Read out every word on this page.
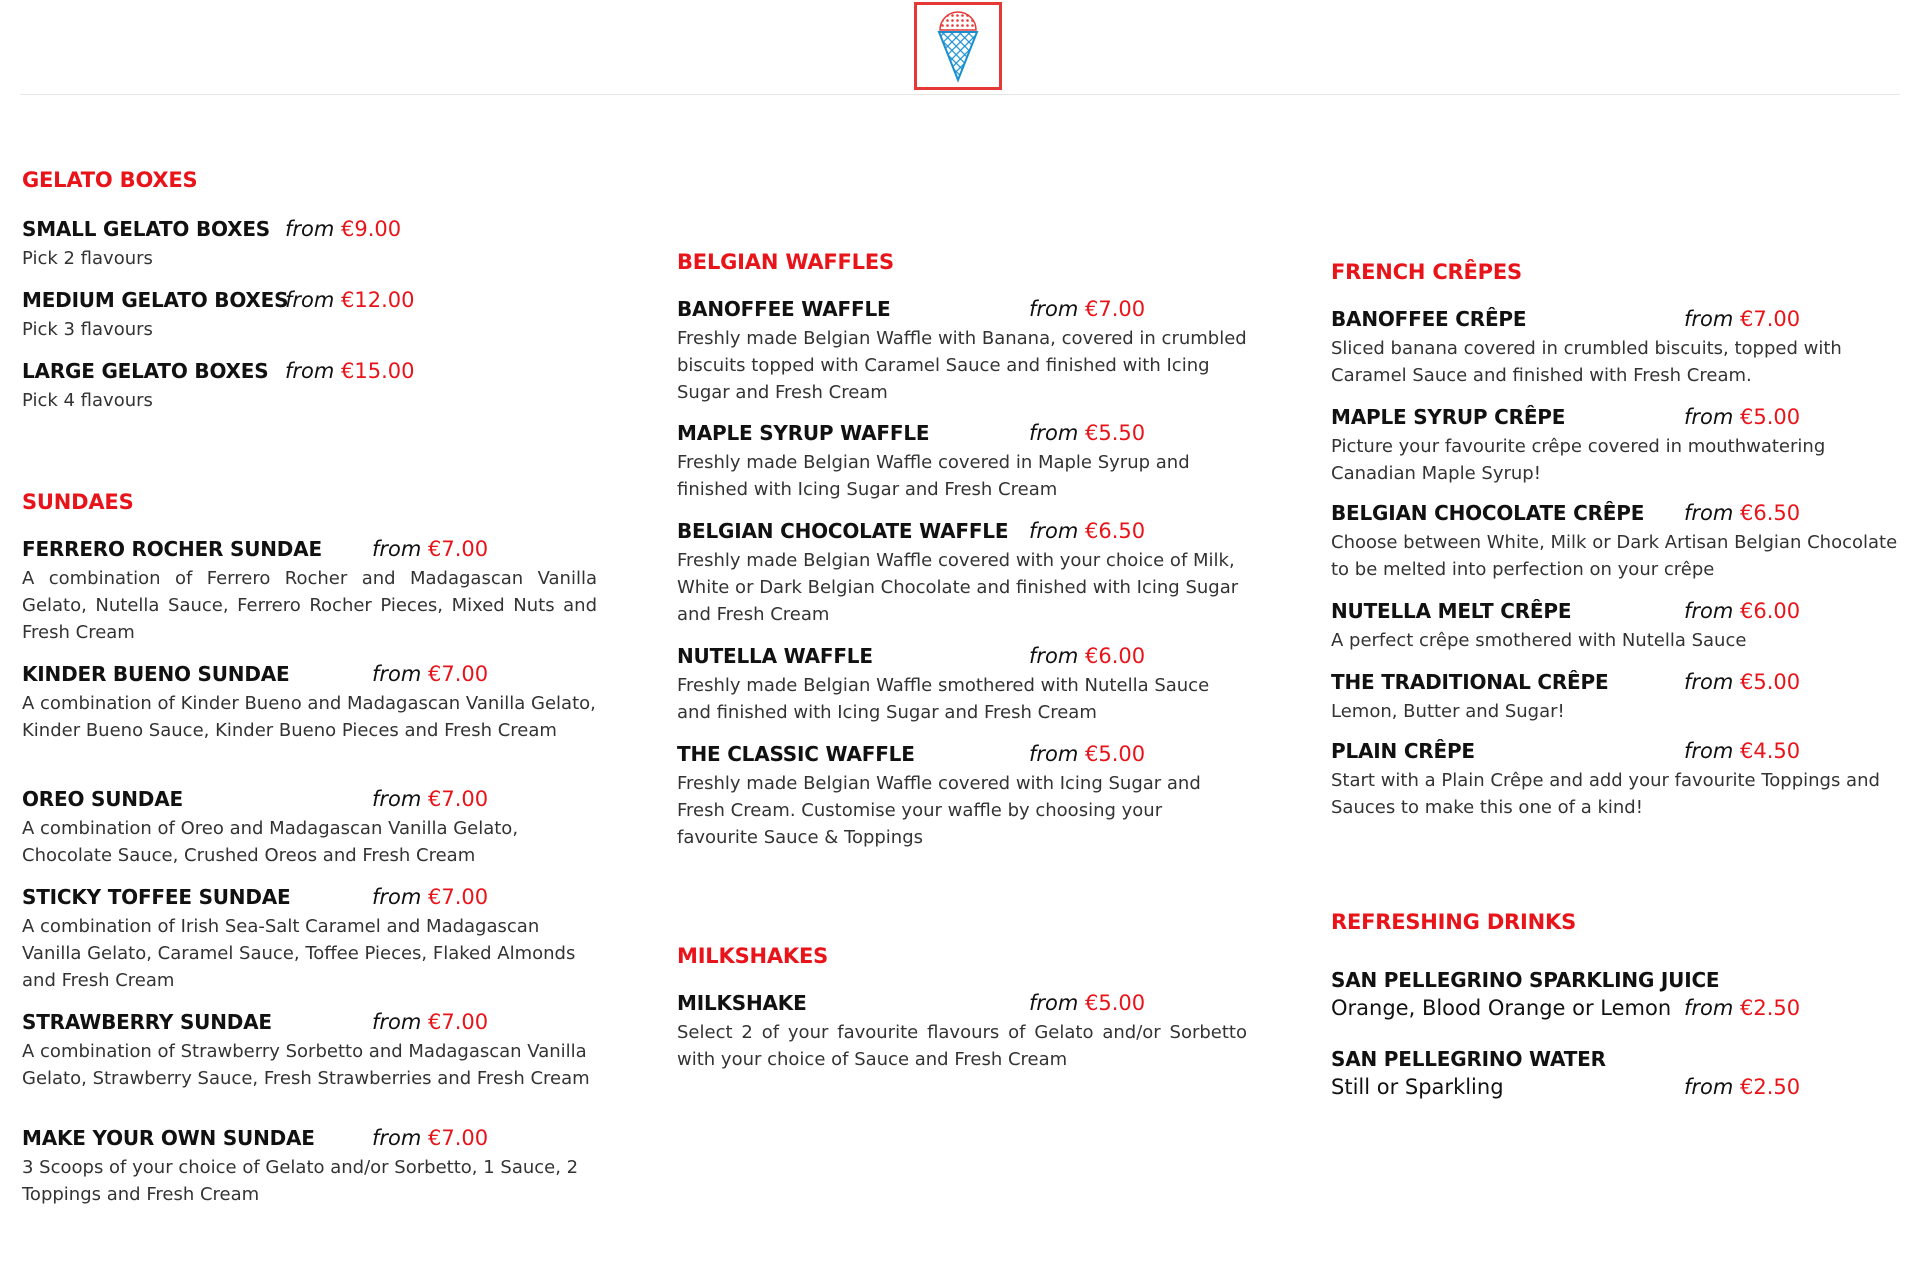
GELATO BOXES
SMALL GELATO BOXES from €9.00
Pick 2 flavours
MEDIUM GELATO BOXES
from €12.00
Pick 3 flavours
LARGE GELATO BOXES from €15.00
Pick 4 flavours
SUNDAES
FERRERO ROCHER SUNDAE from €7.00
A combination of Ferrero Rocher and Madagascan Vanilla Gelato, Nutella Sauce, Ferrero Rocher Pieces, Mixed Nuts and Fresh Cream
KINDER BUENO SUNDAE	from €7.00
A combination of Kinder Bueno and Madagascan Vanilla Gelato, Kinder Bueno Sauce, Kinder Bueno Pieces and Fresh Cream
OREO SUNDAE	from €7.00
A combination of Oreo and Madagascan Vanilla Gelato, Chocolate Sauce, Crushed Oreos and Fresh Cream
STICKY TOFFEE SUNDAE	from €7.00
A combination of Irish Sea-Salt Caramel and Madagascan Vanilla Gelato, Caramel Sauce, Toffee Pieces, Flaked Almonds and Fresh Cream
STRAWBERRY SUNDAE	from €7.00
A combination of Strawberry Sorbetto and Madagascan Vanilla Gelato, Strawberry Sauce, Fresh Strawberries and Fresh Cream
MAKE YOUR OWN SUNDAE	from €7.00
3 Scoops of your choice of Gelato and/or Sorbetto, 1 Sauce, 2 Toppings and Fresh Cream
BELGIAN WAFFLES
BANOFFEE WAFFLE	from €7.00
Freshly made Belgian Waffle with Banana, covered in crumbled biscuits topped with Caramel Sauce and finished with Icing Sugar and Fresh Cream
MAPLE SYRUP WAFFLE	from €5.50
Freshly made Belgian Waffle covered in Maple Syrup and finished with Icing Sugar and Fresh Cream
BELGIAN CHOCOLATE WAFFLE from €6.50
Freshly made Belgian Waffle covered with your choice of Milk, White or Dark Belgian Chocolate and finished with Icing Sugar and Fresh Cream
NUTELLA WAFFLE	from €6.00
Freshly made Belgian Waffle smothered with Nutella Sauce and finished with Icing Sugar and Fresh Cream
THE CLASSIC WAFFLE	from €5.00
Freshly made Belgian Waffle covered with Icing Sugar and Fresh Cream. Customise your waffle by choosing your favourite Sauce & Toppings
MILKSHAKES
MILKSHAKE	from €5.00
Select 2 of your favourite flavours of Gelato and/or Sorbetto with your choice of Sauce and Fresh Cream
FRENCH CRÊPES
BANOFFEE CRÊPE	from €7.00
Sliced banana covered in crumbled biscuits, topped with Caramel Sauce and finished with Fresh Cream.
MAPLE SYRUP CRÊPE	from €5.00
Picture your favourite crêpe covered in mouthwatering Canadian Maple Syrup!
BELGIAN CHOCOLATE CRÊPE from €6.50
Choose between White, Milk or Dark Artisan Belgian Chocolate to be melted into perfection on your crêpe
NUTELLA MELT CRÊPE	from €6.00
A perfect crêpe smothered with Nutella Sauce
THE TRADITIONAL CRÊPE	from €5.00
Lemon, Butter and Sugar!
PLAIN CRÊPE	from €4.50
Start with a Plain Crêpe and add your favourite Toppings and Sauces to make this one of a kind!
REFRESHING DRINKS
SAN PELLEGRINO SPARKLING JUICE
Orange, Blood Orange or Lemon from €2.50
SAN PELLEGRINO WATER
Still or Sparkling	from €2.50
